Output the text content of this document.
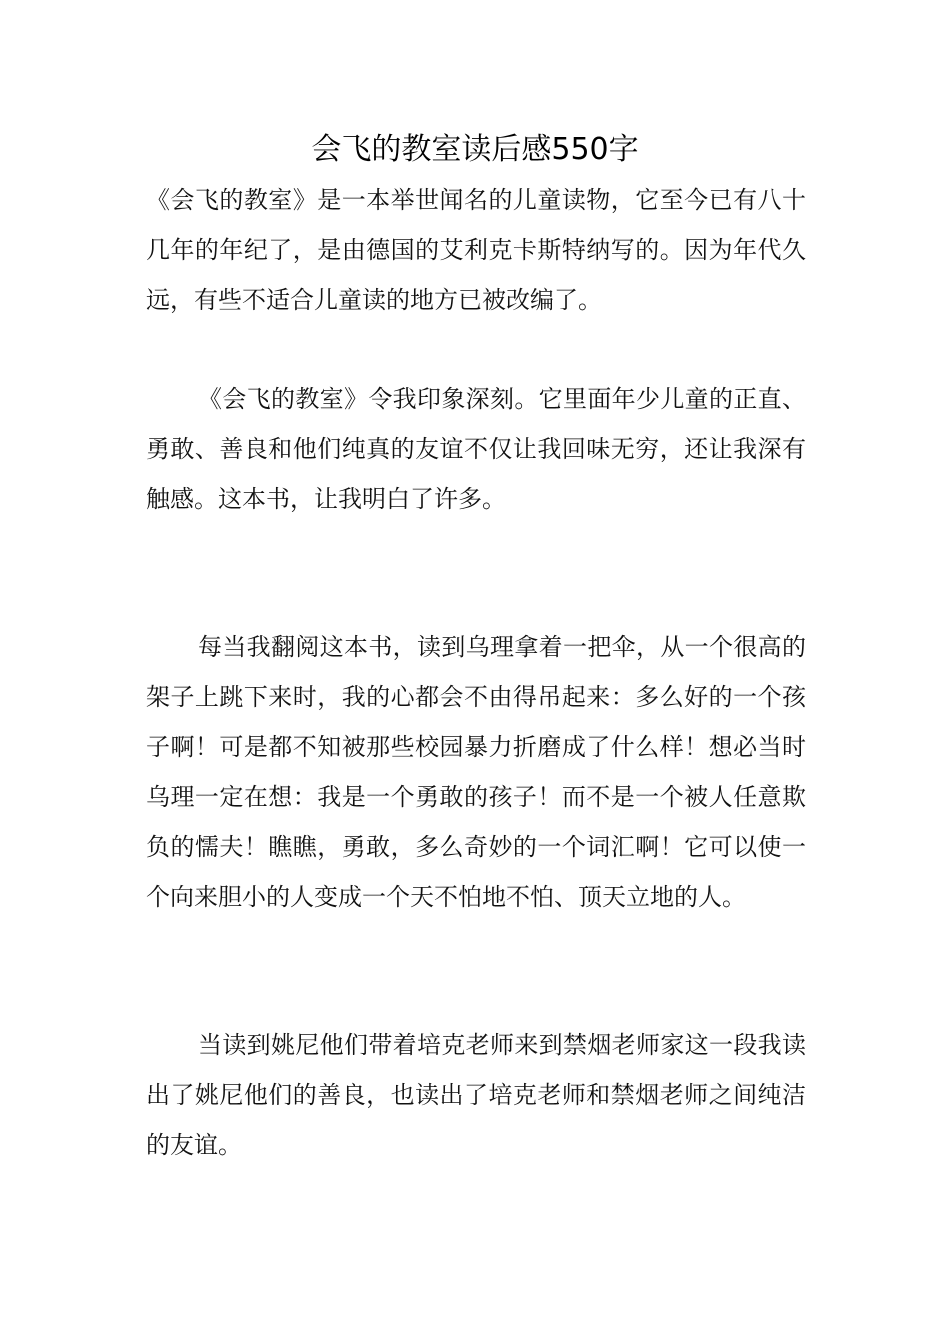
会飞的教室读后感550字

《会飞的教室》是一本举世闻名的儿童读物，它至今已有八十几年的年纪了，是由德国的艾利克卡斯特纳写的。因为年代久远，有些不适合儿童读的地方已被改编了。

《会飞的教室》令我印象深刻。它里面年少儿童的正直、勇敢、善良和他们纯真的友谊不仅让我回味无穷，还让我深有触感。这本书，让我明白了许多。

每当我翻阅这本书，读到乌理拿着一把伞，从一个很高的架子上跳下来时，我的心都会不由得吊起来：多么好的一个孩子啊！可是都不知被那些校园暴力折磨成了什么样！想必当时乌理一定在想：我是一个勇敢的孩子！而不是一个被人任意欺负的懦夫！瞧瞧，勇敢，多么奇妙的一个词汇啊！它可以使一个向来胆小的人变成一个天不怕地不怕、顶天立地的人。

当读到姚尼他们带着培克老师来到禁烟老师家这一段我读出了姚尼他们的善良，也读出了培克老师和禁烟老师之间纯洁的友谊。
